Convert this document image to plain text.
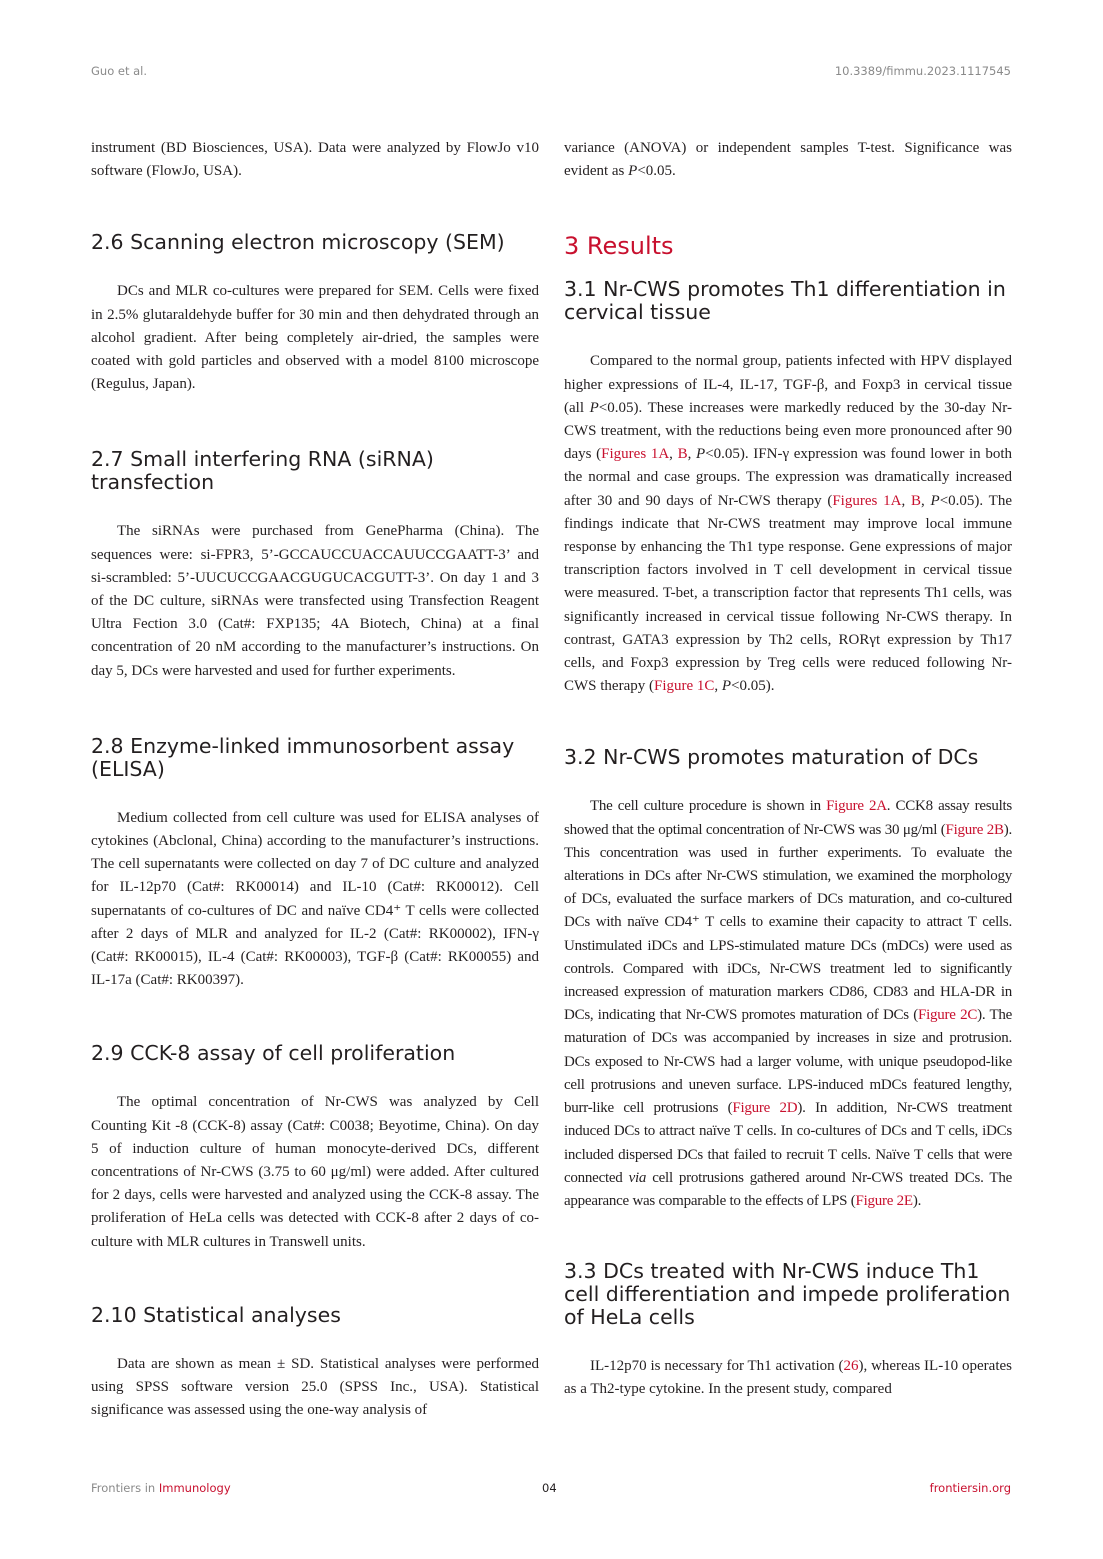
Guo et al.	10.3389/fimmu.2023.1117545

instrument (BD Biosciences, USA). Data were analyzed by FlowJo v10 software (FlowJo, USA).

2.6 Scanning electron microscopy (SEM)

DCs and MLR co-cultures were prepared for SEM. Cells were fixed in 2.5% glutaraldehyde buffer for 30 min and then dehydrated through an alcohol gradient. After being completely air-dried, the samples were coated with gold particles and observed with a model 8100 microscope (Regulus, Japan).

2.7 Small interfering RNA (siRNA) transfection

The siRNAs were purchased from GenePharma (China). The sequences were: si-FPR3, 5’-GCCAUCCUACCAUUCCGAATT-3’ and si-scrambled: 5’-UUCUCCGAACGUGUCACGUTT-3’. On day 1 and 3 of the DC culture, siRNAs were transfected using Transfection Reagent Ultra Fection 3.0 (Cat#: FXP135; 4A Biotech, China) at a final concentration of 20 nM according to the manufacturer’s instructions. On day 5, DCs were harvested and used for further experiments.

2.8 Enzyme-linked immunosorbent assay (ELISA)

Medium collected from cell culture was used for ELISA analyses of cytokines (Abclonal, China) according to the manufacturer’s instructions. The cell supernatants were collected on day 7 of DC culture and analyzed for IL-12p70 (Cat#: RK00014) and IL-10 (Cat#: RK00012). Cell supernatants of co-cultures of DC and naïve CD4⁺ T cells were collected after 2 days of MLR and analyzed for IL-2 (Cat#: RK00002), IFN-γ (Cat#: RK00015), IL-4 (Cat#: RK00003), TGF-β (Cat#: RK00055) and IL-17a (Cat#: RK00397).

2.9 CCK-8 assay of cell proliferation

The optimal concentration of Nr-CWS was analyzed by Cell Counting Kit -8 (CCK-8) assay (Cat#: C0038; Beyotime, China). On day 5 of induction culture of human monocyte-derived DCs, different concentrations of Nr-CWS (3.75 to 60 μg/ml) were added. After cultured for 2 days, cells were harvested and analyzed using the CCK-8 assay. The proliferation of HeLa cells was detected with CCK-8 after 2 days of co-culture with MLR cultures in Transwell units.

2.10 Statistical analyses

Data are shown as mean ± SD. Statistical analyses were performed using SPSS software version 25.0 (SPSS Inc., USA). Statistical significance was assessed using the one-way analysis of

variance (ANOVA) or independent samples T-test. Significance was evident as P<0.05.

3 Results
3.1 Nr-CWS promotes Th1 differentiation in cervical tissue

Compared to the normal group, patients infected with HPV displayed higher expressions of IL-4, IL-17, TGF-β, and Foxp3 in cervical tissue (all P<0.05). These increases were markedly reduced by the 30-day Nr-CWS treatment, with the reductions being even more pronounced after 90 days (Figures 1A, B, P<0.05). IFN-γ expression was found lower in both the normal and case groups. The expression was dramatically increased after 30 and 90 days of Nr-CWS therapy (Figures 1A, B, P<0.05). The findings indicate that Nr-CWS treatment may improve local immune response by enhancing the Th1 type response. Gene expressions of major transcription factors involved in T cell development in cervical tissue were measured. T-bet, a transcription factor that represents Th1 cells, was significantly increased in cervical tissue following Nr-CWS therapy. In contrast, GATA3 expression by Th2 cells, RORγt expression by Th17 cells, and Foxp3 expression by Treg cells were reduced following Nr-CWS therapy (Figure 1C, P<0.05).

3.2 Nr-CWS promotes maturation of DCs

The cell culture procedure is shown in Figure 2A. CCK8 assay results showed that the optimal concentration of Nr-CWS was 30 μg/ml (Figure 2B). This concentration was used in further experiments. To evaluate the alterations in DCs after Nr-CWS stimulation, we examined the morphology of DCs, evaluated the surface markers of DCs maturation, and co-cultured DCs with naïve CD4⁺ T cells to examine their capacity to attract T cells. Unstimulated iDCs and LPS-stimulated mature DCs (mDCs) were used as controls. Compared with iDCs, Nr-CWS treatment led to significantly increased expression of maturation markers CD86, CD83 and HLA-DR in DCs, indicating that Nr-CWS promotes maturation of DCs (Figure 2C). The maturation of DCs was accompanied by increases in size and protrusion. DCs exposed to Nr-CWS had a larger volume, with unique pseudopod-like cell protrusions and uneven surface. LPS-induced mDCs featured lengthy, burr-like cell protrusions (Figure 2D). In addition, Nr-CWS treatment induced DCs to attract naïve T cells. In co-cultures of DCs and T cells, iDCs included dispersed DCs that failed to recruit T cells. Naïve T cells that were connected via cell protrusions gathered around Nr-CWS treated DCs. The appearance was comparable to the effects of LPS (Figure 2E).

3.3 DCs treated with Nr-CWS induce Th1 cell differentiation and impede proliferation of HeLa cells

IL-12p70 is necessary for Th1 activation (26), whereas IL-10 operates as a Th2-type cytokine. In the present study, compared

Frontiers in Immunology	04	frontiersin.org
